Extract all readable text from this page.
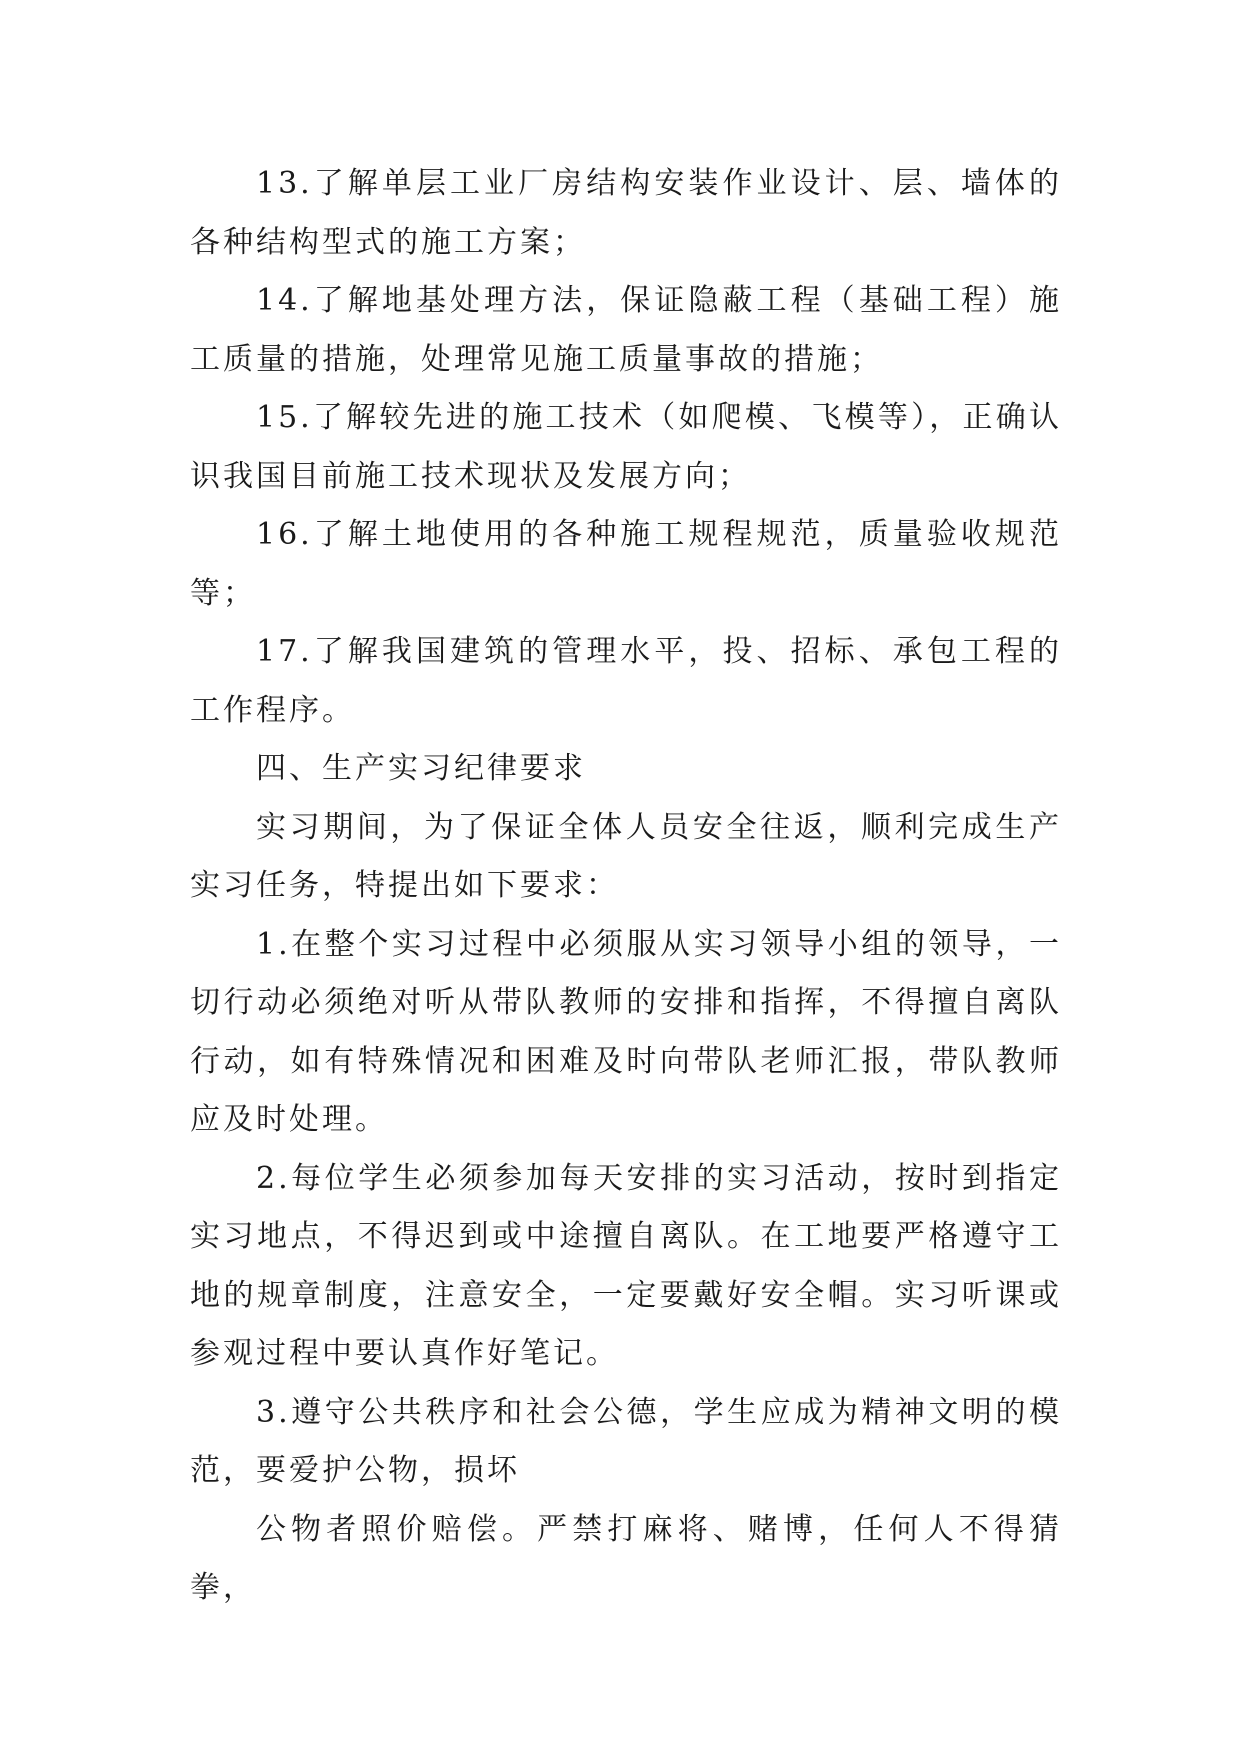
13.了解单层工业厂房结构安装作业设计、层、墙体的各种结构型式的施工方案；

14.了解地基处理方法，保证隐蔽工程（基础工程）施工质量的措施，处理常见施工质量事故的措施；

15.了解较先进的施工技术（如爬模、飞模等），正确认识我国目前施工技术现状及发展方向；

16.了解土地使用的各种施工规程规范，质量验收规范等；

17.了解我国建筑的管理水平，投、招标、承包工程的工作程序。

四、生产实习纪律要求

实习期间，为了保证全体人员安全往返，顺利完成生产实习任务，特提出如下要求：

1.在整个实习过程中必须服从实习领导小组的领导，一切行动必须绝对听从带队教师的安排和指挥，不得擅自离队行动，如有特殊情况和困难及时向带队老师汇报，带队教师应及时处理。

2.每位学生必须参加每天安排的实习活动，按时到指定实习地点，不得迟到或中途擅自离队。在工地要严格遵守工地的规章制度，注意安全，一定要戴好安全帽。实习听课或参观过程中要认真作好笔记。

3.遵守公共秩序和社会公德，学生应成为精神文明的模范，要爱护公物，损坏

公物者照价赔偿。严禁打麻将、赌博，任何人不得猜拳，
